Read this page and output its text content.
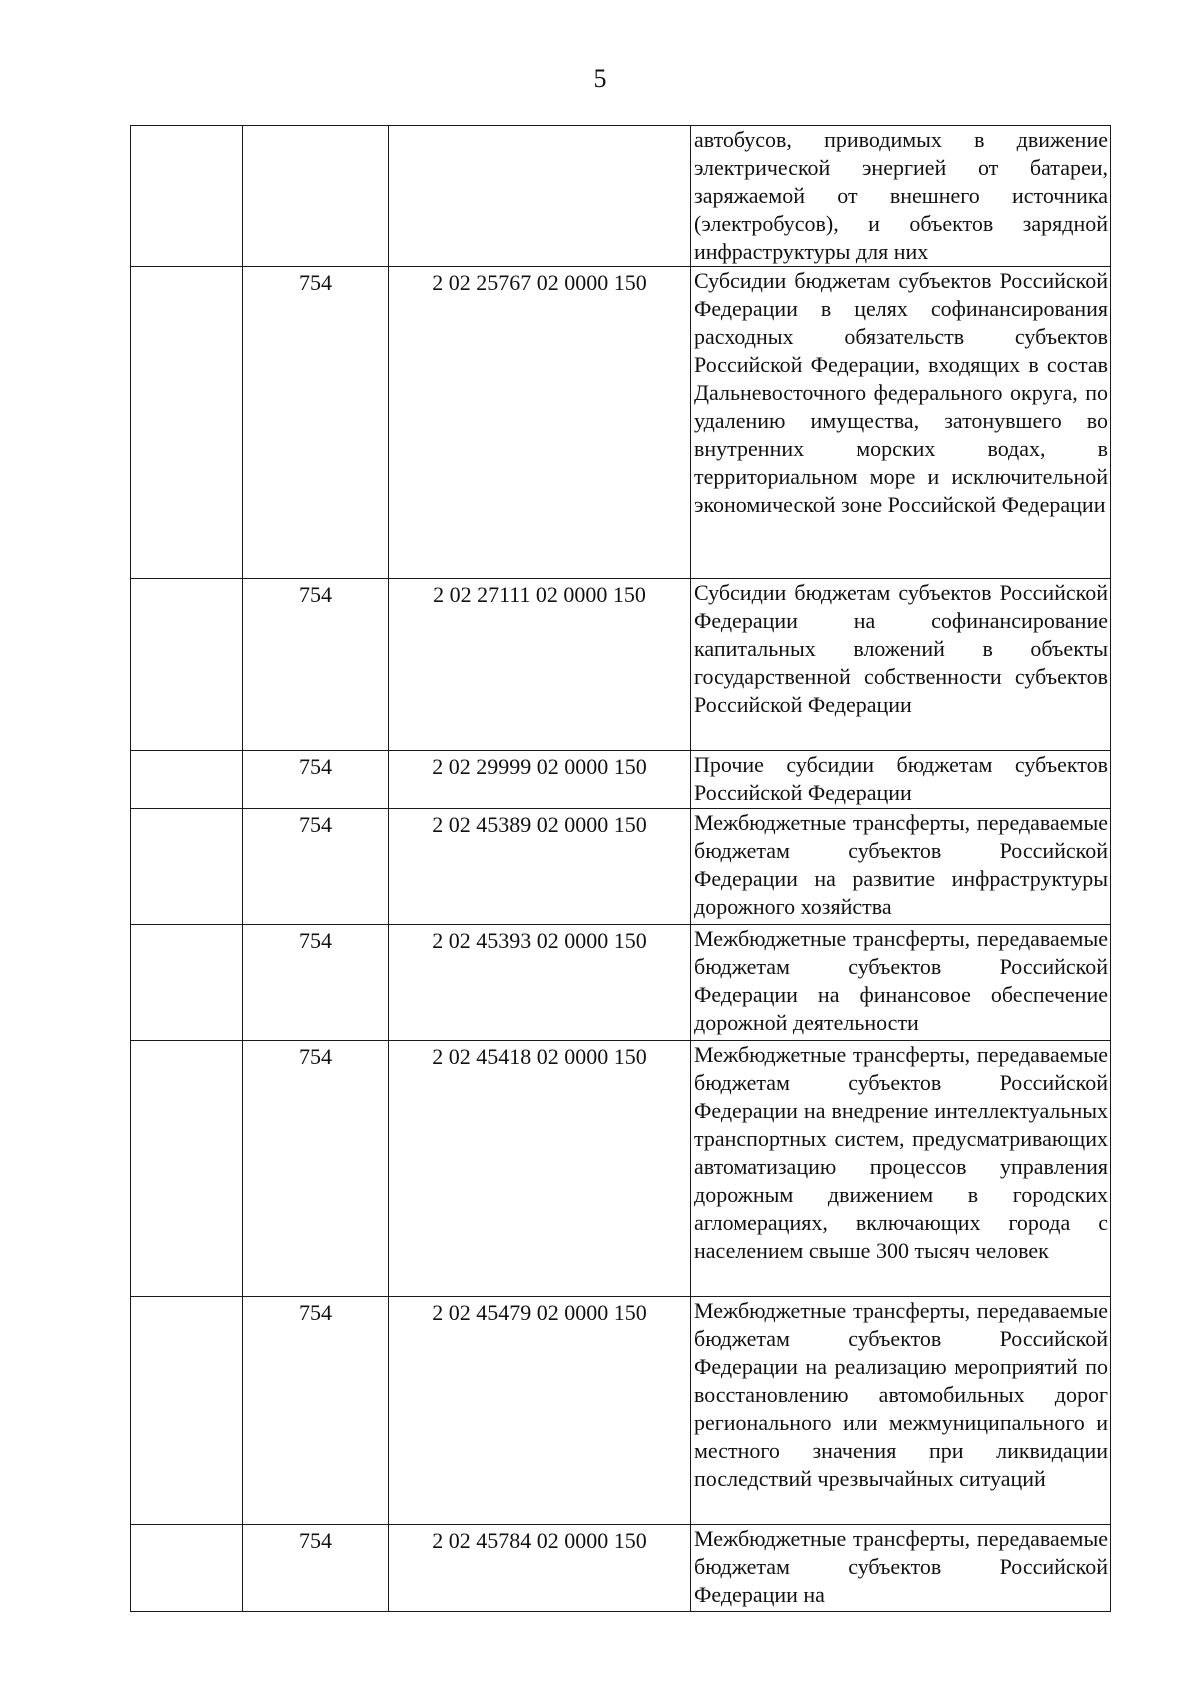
5
			автобусов, приводимых в движение электрической энергией от батареи, заряжаемой от внешнего источника (электробусов), и объектов зарядной инфраструктуры для них
	754	2 02 25767 02 0000 150	Субсидии бюджетам субъектов Российской Федерации в целях софинансирования расходных обязательств субъектов Российской Федерации, входящих в состав Дальневосточного федерального округа, по удалению имущества, затонувшего во внутренних морских водах, в территориальном море и исключительной экономической зоне Российской Федерации
	754	2 02 27111 02 0000 150	Субсидии бюджетам субъектов Российской Федерации на софинансирование капитальных вложений в объекты государственной собственности субъектов Российской Федерации
	754	2 02 29999 02 0000 150	Прочие субсидии бюджетам субъектов Российской Федерации
	754	2 02 45389 02 0000 150	Межбюджетные трансферты, передаваемые бюджетам субъектов Российской Федерации на развитие инфраструктуры дорожного хозяйства
	754	2 02 45393 02 0000 150	Межбюджетные трансферты, передаваемые бюджетам субъектов Российской Федерации на финансовое обеспечение дорожной деятельности
	754	2 02 45418 02 0000 150	Межбюджетные трансферты, передаваемые бюджетам субъектов Российской Федерации на внедрение интеллектуальных транспортных систем, предусматривающих автоматизацию процессов управления дорожным движением в городских агломерациях, включающих города с населением свыше 300 тысяч человек
	754	2 02 45479 02 0000 150	Межбюджетные трансферты, передаваемые бюджетам субъектов Российской Федерации на реализацию мероприятий по восстановлению автомобильных дорог регионального или межмуниципального и местного значения при ликвидации последствий чрезвычайных ситуаций
	754	2 02 45784 02 0000 150	Межбюджетные трансферты, передаваемые бюджетам субъектов Российской Федерации на
